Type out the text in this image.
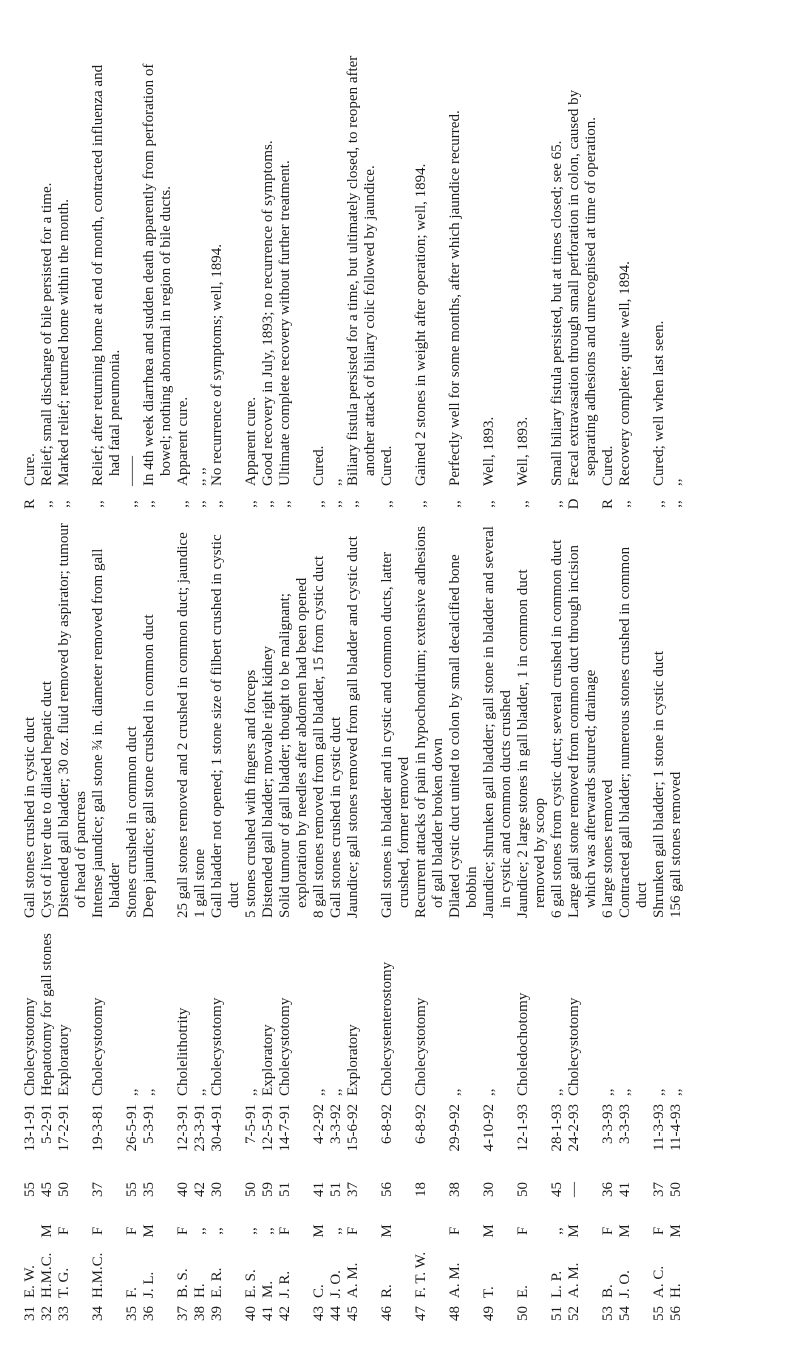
31
E. W.
55
13-1-91
Cholecystotomy
Gall stones crushed in cystic duct
R
Cure.
32
H.M.C.
M
45
5-2-91
Hepatotomy for gall stones
Cyst of liver due to dilated hepatic duct
,,
Relief; small discharge of bile persisted for a time.
33
T. G.
F
50
17-2-91
Exploratory
Distended gall bladder; 30 oz. fluid removed by aspirator; tumour of head of pancreas
,,
Marked relief; returned home within the month.
34
H.M.C.
F
37
19-3-81
Cholecystotomy
Intense jaundice; gall stone ¾ in. diameter removed from gall bladder
,,
Relief; after returning home at end of month, contracted influenza and had fatal pneumonia.
35
F.
F
55
26-5-91
,,
Stones crushed in common duct
,,
——
36
J. L.
M
35
5-3-91
,,
Deep jaundice; gall stone crushed in common duct
,,
In 4th week diarrhœa and sudden death apparently from perforation of bowel; nothing abnormal in region of bile ducts.
37
B. S.
F
40
12-3-91
Cholelithotrity
25 gall stones removed and 2 crushed in common duct; jaundice
,,
Apparent cure.
38
H.
,,
42
23-3-91
,,
1 gall stone
,,
,, ,,
39
E. R.
,,
30
30-4-91
Cholecystotomy
Gall bladder not opened; 1 stone size of filbert crushed in cystic duct
,,
No recurrence of symptoms; well, 1894.
40
E. S.
,,
50
7-5-91
,,
5 stones crushed with fingers and forceps
,,
Apparent cure.
41
M.
,,
59
12-5-91
Exploratory
Distended gall bladder; movable right kidney
,,
Good recovery in July, 1893; no recurrence of symptoms.
42
J. R.
F
51
14-7-91
Cholecystotomy
Solid tumour of gall bladder; thought to be malignant; exploration by needles after abdomen had been opened
,,
Ultimate complete recovery without further treatment.
43
C.
M
41
4-2-92
,,
8 gall stones removed from gall bladder, 15 from cystic duct
,,
Cured.
44
J. O.
,,
51
3-3-92
,,
Gall stones crushed in cystic duct
,,
,,
45
A. M.
F
37
15-6-92
Exploratory
Jaundice; gall stones removed from gall bladder and cystic duct
,,
Biliary fistula persisted for a time, but ultimately closed, to reopen after another attack of biliary colic followed by jaundice.
46
R.
M
56
6-8-92
Cholecystenterostomy
Gall stones in bladder and in cystic and common ducts, latter crushed, former removed
,,
Cured.
47
F. T. W.
18
6-8-92
Cholecystotomy
Recurrent attacks of pain in hypochondrium; extensive adhesions of gall bladder broken down
,,
Gained 2 stones in weight after operation; well, 1894.
48
A. M.
F
38
29-9-92
,,
Dilated cystic duct united to colon by small decalcified bone bobbin
,,
Perfectly well for some months, after which jaundice recurred.
49
T.
M
30
4-10-92
,,
Jaundice; shrunken gall bladder; gall stone in bladder and several in cystic and common ducts crushed
,,
Well, 1893.
50
E.
F
50
12-1-93
Choledochotomy
Jaundice; 2 large stones in gall bladder, 1 in common duct removed by scoop
,,
Well, 1893.
51
L. P.
,,
45
28-1-93
,,
6 gall stones from cystic duct; several crushed in common duct
,,
Small biliary fistula persisted, but at times closed; see 65.
52
A. M.
M
—
24-2-93
Cholecystotomy
Large gall stone removed from common duct through incision which was afterwards sutured; drainage
D
Fæcal extravasation through small perforation in colon, caused by separating adhesions and unrecognised at time of operation.
53
B.
F
36
3-3-93
,,
6 large stones removed
R
Cured.
54
J. O.
M
41
3-3-93
,,
Contracted gall bladder; numerous stones crushed in common duct
,,
Recovery complete; quite well, 1894.
55
A. C.
F
37
11-3-93
,,
Shrunken gall bladder; 1 stone in cystic duct
,,
Cured; well when last seen.
56
H.
M
50
11-4-93
,,
156 gall stones removed
,,
,,
